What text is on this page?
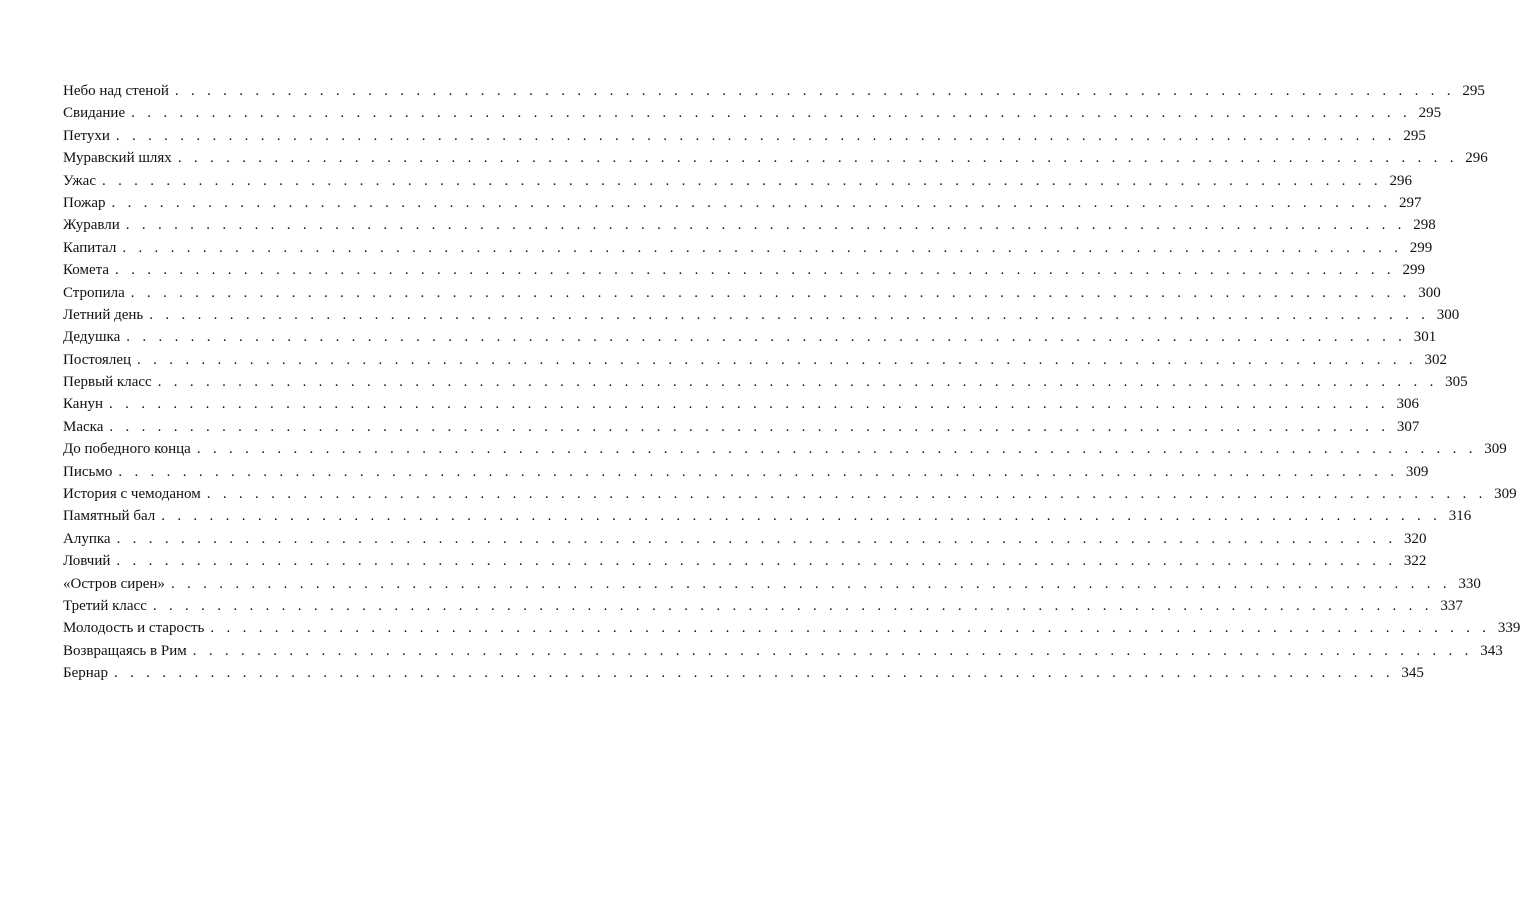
Небо над стеной . . . . . . . . . . . . . . . . . . . . . . . . . . . . . . . . . . . . . . . . . . . . . . . . . . . . . . . . . . . . . . . . . . . . . . . . . . . . . . . . 295
Свидание . . . . . . . . . . . . . . . . . . . . . . . . . . . . . . . . . . . . . . . . . . . . . . . . . . . . . . . . . . . . . . . . . . . . . . . . . . . . . . . . 295
Петухи . . . . . . . . . . . . . . . . . . . . . . . . . . . . . . . . . . . . . . . . . . . . . . . . . . . . . . . . . . . . . . . . . . . . . . . . . . . . . . . . 295
Муравский шлях . . . . . . . . . . . . . . . . . . . . . . . . . . . . . . . . . . . . . . . . . . . . . . . . . . . . . . . . . . . . . . . . . . . . . . . . . . . . . . . . 296
Ужас . . . . . . . . . . . . . . . . . . . . . . . . . . . . . . . . . . . . . . . . . . . . . . . . . . . . . . . . . . . . . . . . . . . . . . . . . . . . . . . . 296
Пожар . . . . . . . . . . . . . . . . . . . . . . . . . . . . . . . . . . . . . . . . . . . . . . . . . . . . . . . . . . . . . . . . . . . . . . . . . . . . . . . . 297
Журавли . . . . . . . . . . . . . . . . . . . . . . . . . . . . . . . . . . . . . . . . . . . . . . . . . . . . . . . . . . . . . . . . . . . . . . . . . . . . . . . . 298
Капитал . . . . . . . . . . . . . . . . . . . . . . . . . . . . . . . . . . . . . . . . . . . . . . . . . . . . . . . . . . . . . . . . . . . . . . . . . . . . . . . . 299
Комета . . . . . . . . . . . . . . . . . . . . . . . . . . . . . . . . . . . . . . . . . . . . . . . . . . . . . . . . . . . . . . . . . . . . . . . . . . . . . . . . 299
Стропила . . . . . . . . . . . . . . . . . . . . . . . . . . . . . . . . . . . . . . . . . . . . . . . . . . . . . . . . . . . . . . . . . . . . . . . . . . . . . . . . 300
Летний день . . . . . . . . . . . . . . . . . . . . . . . . . . . . . . . . . . . . . . . . . . . . . . . . . . . . . . . . . . . . . . . . . . . . . . . . . . . . . . . . 300
Дедушка . . . . . . . . . . . . . . . . . . . . . . . . . . . . . . . . . . . . . . . . . . . . . . . . . . . . . . . . . . . . . . . . . . . . . . . . . . . . . . . . 301
Постоялец . . . . . . . . . . . . . . . . . . . . . . . . . . . . . . . . . . . . . . . . . . . . . . . . . . . . . . . . . . . . . . . . . . . . . . . . . . . . . . . . 302
Первый класс . . . . . . . . . . . . . . . . . . . . . . . . . . . . . . . . . . . . . . . . . . . . . . . . . . . . . . . . . . . . . . . . . . . . . . . . . . . . . . . . 305
Канун . . . . . . . . . . . . . . . . . . . . . . . . . . . . . . . . . . . . . . . . . . . . . . . . . . . . . . . . . . . . . . . . . . . . . . . . . . . . . . . . 306
Маска . . . . . . . . . . . . . . . . . . . . . . . . . . . . . . . . . . . . . . . . . . . . . . . . . . . . . . . . . . . . . . . . . . . . . . . . . . . . . . . . 307
До победного конца . . . . . . . . . . . . . . . . . . . . . . . . . . . . . . . . . . . . . . . . . . . . . . . . . . . . . . . . . . . . . . . . . . . . . . . . . . . . . . . . 309
Письмо . . . . . . . . . . . . . . . . . . . . . . . . . . . . . . . . . . . . . . . . . . . . . . . . . . . . . . . . . . . . . . . . . . . . . . . . . . . . . . . . 309
История с чемоданом . . . . . . . . . . . . . . . . . . . . . . . . . . . . . . . . . . . . . . . . . . . . . . . . . . . . . . . . . . . . . . . . . . . . . . . . . . . . . . . . 309
Памятный бал . . . . . . . . . . . . . . . . . . . . . . . . . . . . . . . . . . . . . . . . . . . . . . . . . . . . . . . . . . . . . . . . . . . . . . . . . . . . . . . . 316
Алупка . . . . . . . . . . . . . . . . . . . . . . . . . . . . . . . . . . . . . . . . . . . . . . . . . . . . . . . . . . . . . . . . . . . . . . . . . . . . . . . . 320
Ловчий . . . . . . . . . . . . . . . . . . . . . . . . . . . . . . . . . . . . . . . . . . . . . . . . . . . . . . . . . . . . . . . . . . . . . . . . . . . . . . . . 322
«Остров сирен» . . . . . . . . . . . . . . . . . . . . . . . . . . . . . . . . . . . . . . . . . . . . . . . . . . . . . . . . . . . . . . . . . . . . . . . . . . . . . . . . 330
Третий класс . . . . . . . . . . . . . . . . . . . . . . . . . . . . . . . . . . . . . . . . . . . . . . . . . . . . . . . . . . . . . . . . . . . . . . . . . . . . . . . . 337
Молодость и старость . . . . . . . . . . . . . . . . . . . . . . . . . . . . . . . . . . . . . . . . . . . . . . . . . . . . . . . . . . . . . . . . . . . . . . . . . . . . . . . . 339
Возвращаясь в Рим . . . . . . . . . . . . . . . . . . . . . . . . . . . . . . . . . . . . . . . . . . . . . . . . . . . . . . . . . . . . . . . . . . . . . . . . . . . . . . . . 343
Бернар . . . . . . . . . . . . . . . . . . . . . . . . . . . . . . . . . . . . . . . . . . . . . . . . . . . . . . . . . . . . . . . . . . . . . . . . . . . . . . . . 345
